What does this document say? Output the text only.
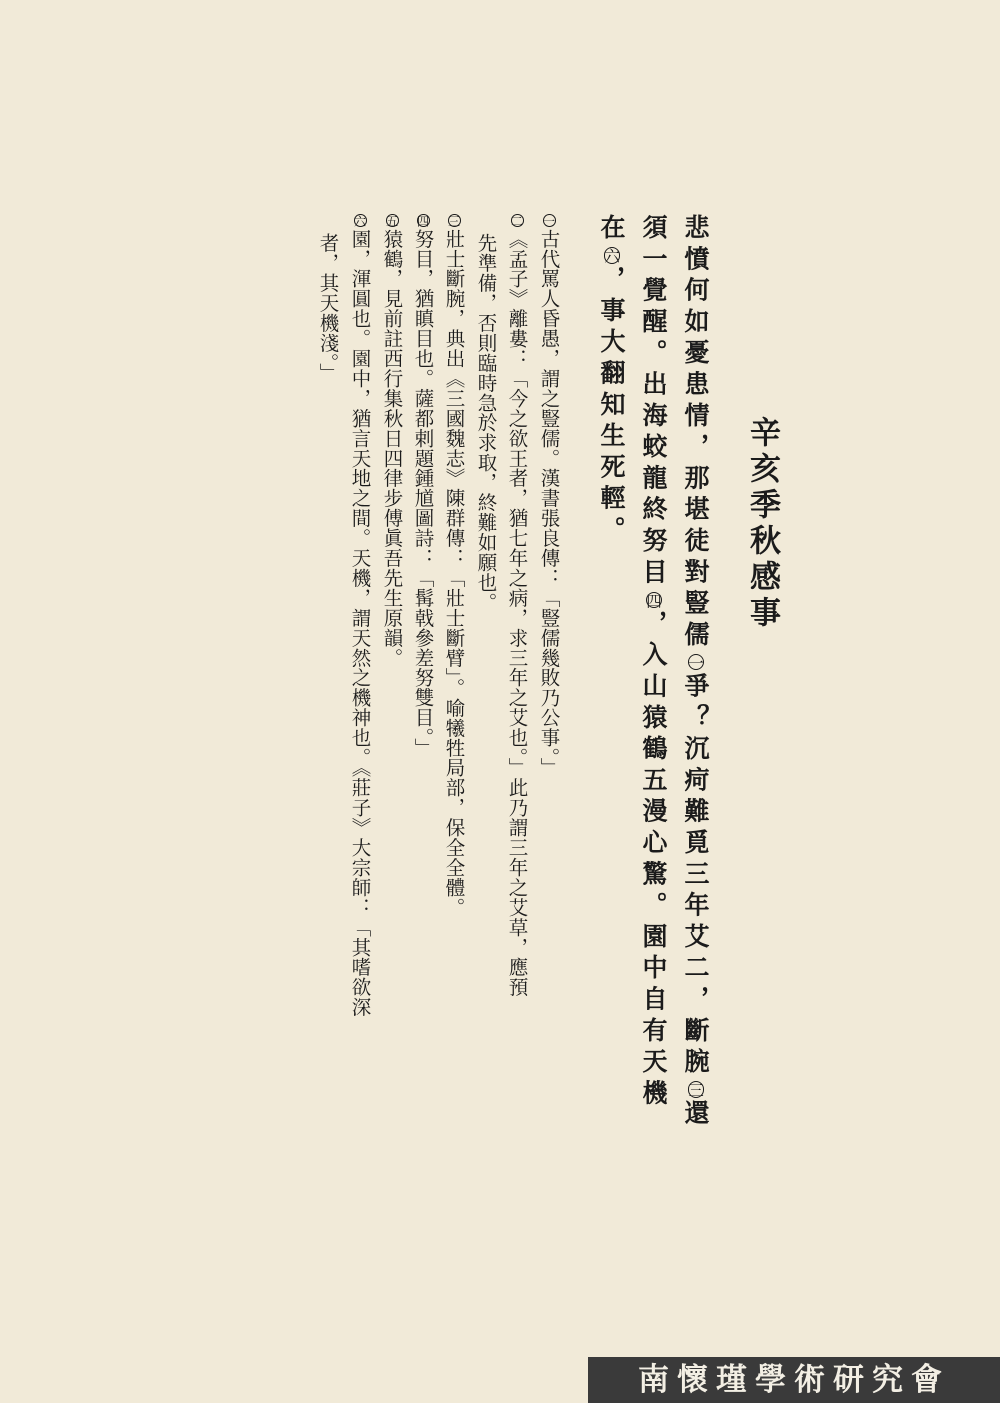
辛亥季秋感事
悲憤何如憂患情，那堪徒對豎儒一爭？沉疴難覓三年艾二，斷腕三還
須一覺醒。出海蛟龍終努目四，入山猿鶴五漫心驚。園中自有天機
在六，事大翻知生死輕。
一古代罵人昏愚，謂之豎儒。漢書張良傳：「豎儒幾敗乃公事。」
二《孟子》離婁：「今之欲王者，猶七年之病，求三年之艾也。」此乃謂三年之艾草，應預
先準備，否則臨時急於求取，終難如願也。
三壯士斷腕，典出《三國魏志》陳群傳：「壯士斷臂」。喻犧牲局部，保全全體。
四努目，猶瞋目也。薩都剌題鍾馗圖詩：「髯戟參差努雙目。」
五猿鶴，見前註西行集秋日四律步傅眞吾先生原韻。
六園，渾圓也。園中，猶言天地之間。天機，謂天然之機神也。《莊子》大宗師：「其嗜欲深
者，其天機淺。」
南懷瑾學術研究會
